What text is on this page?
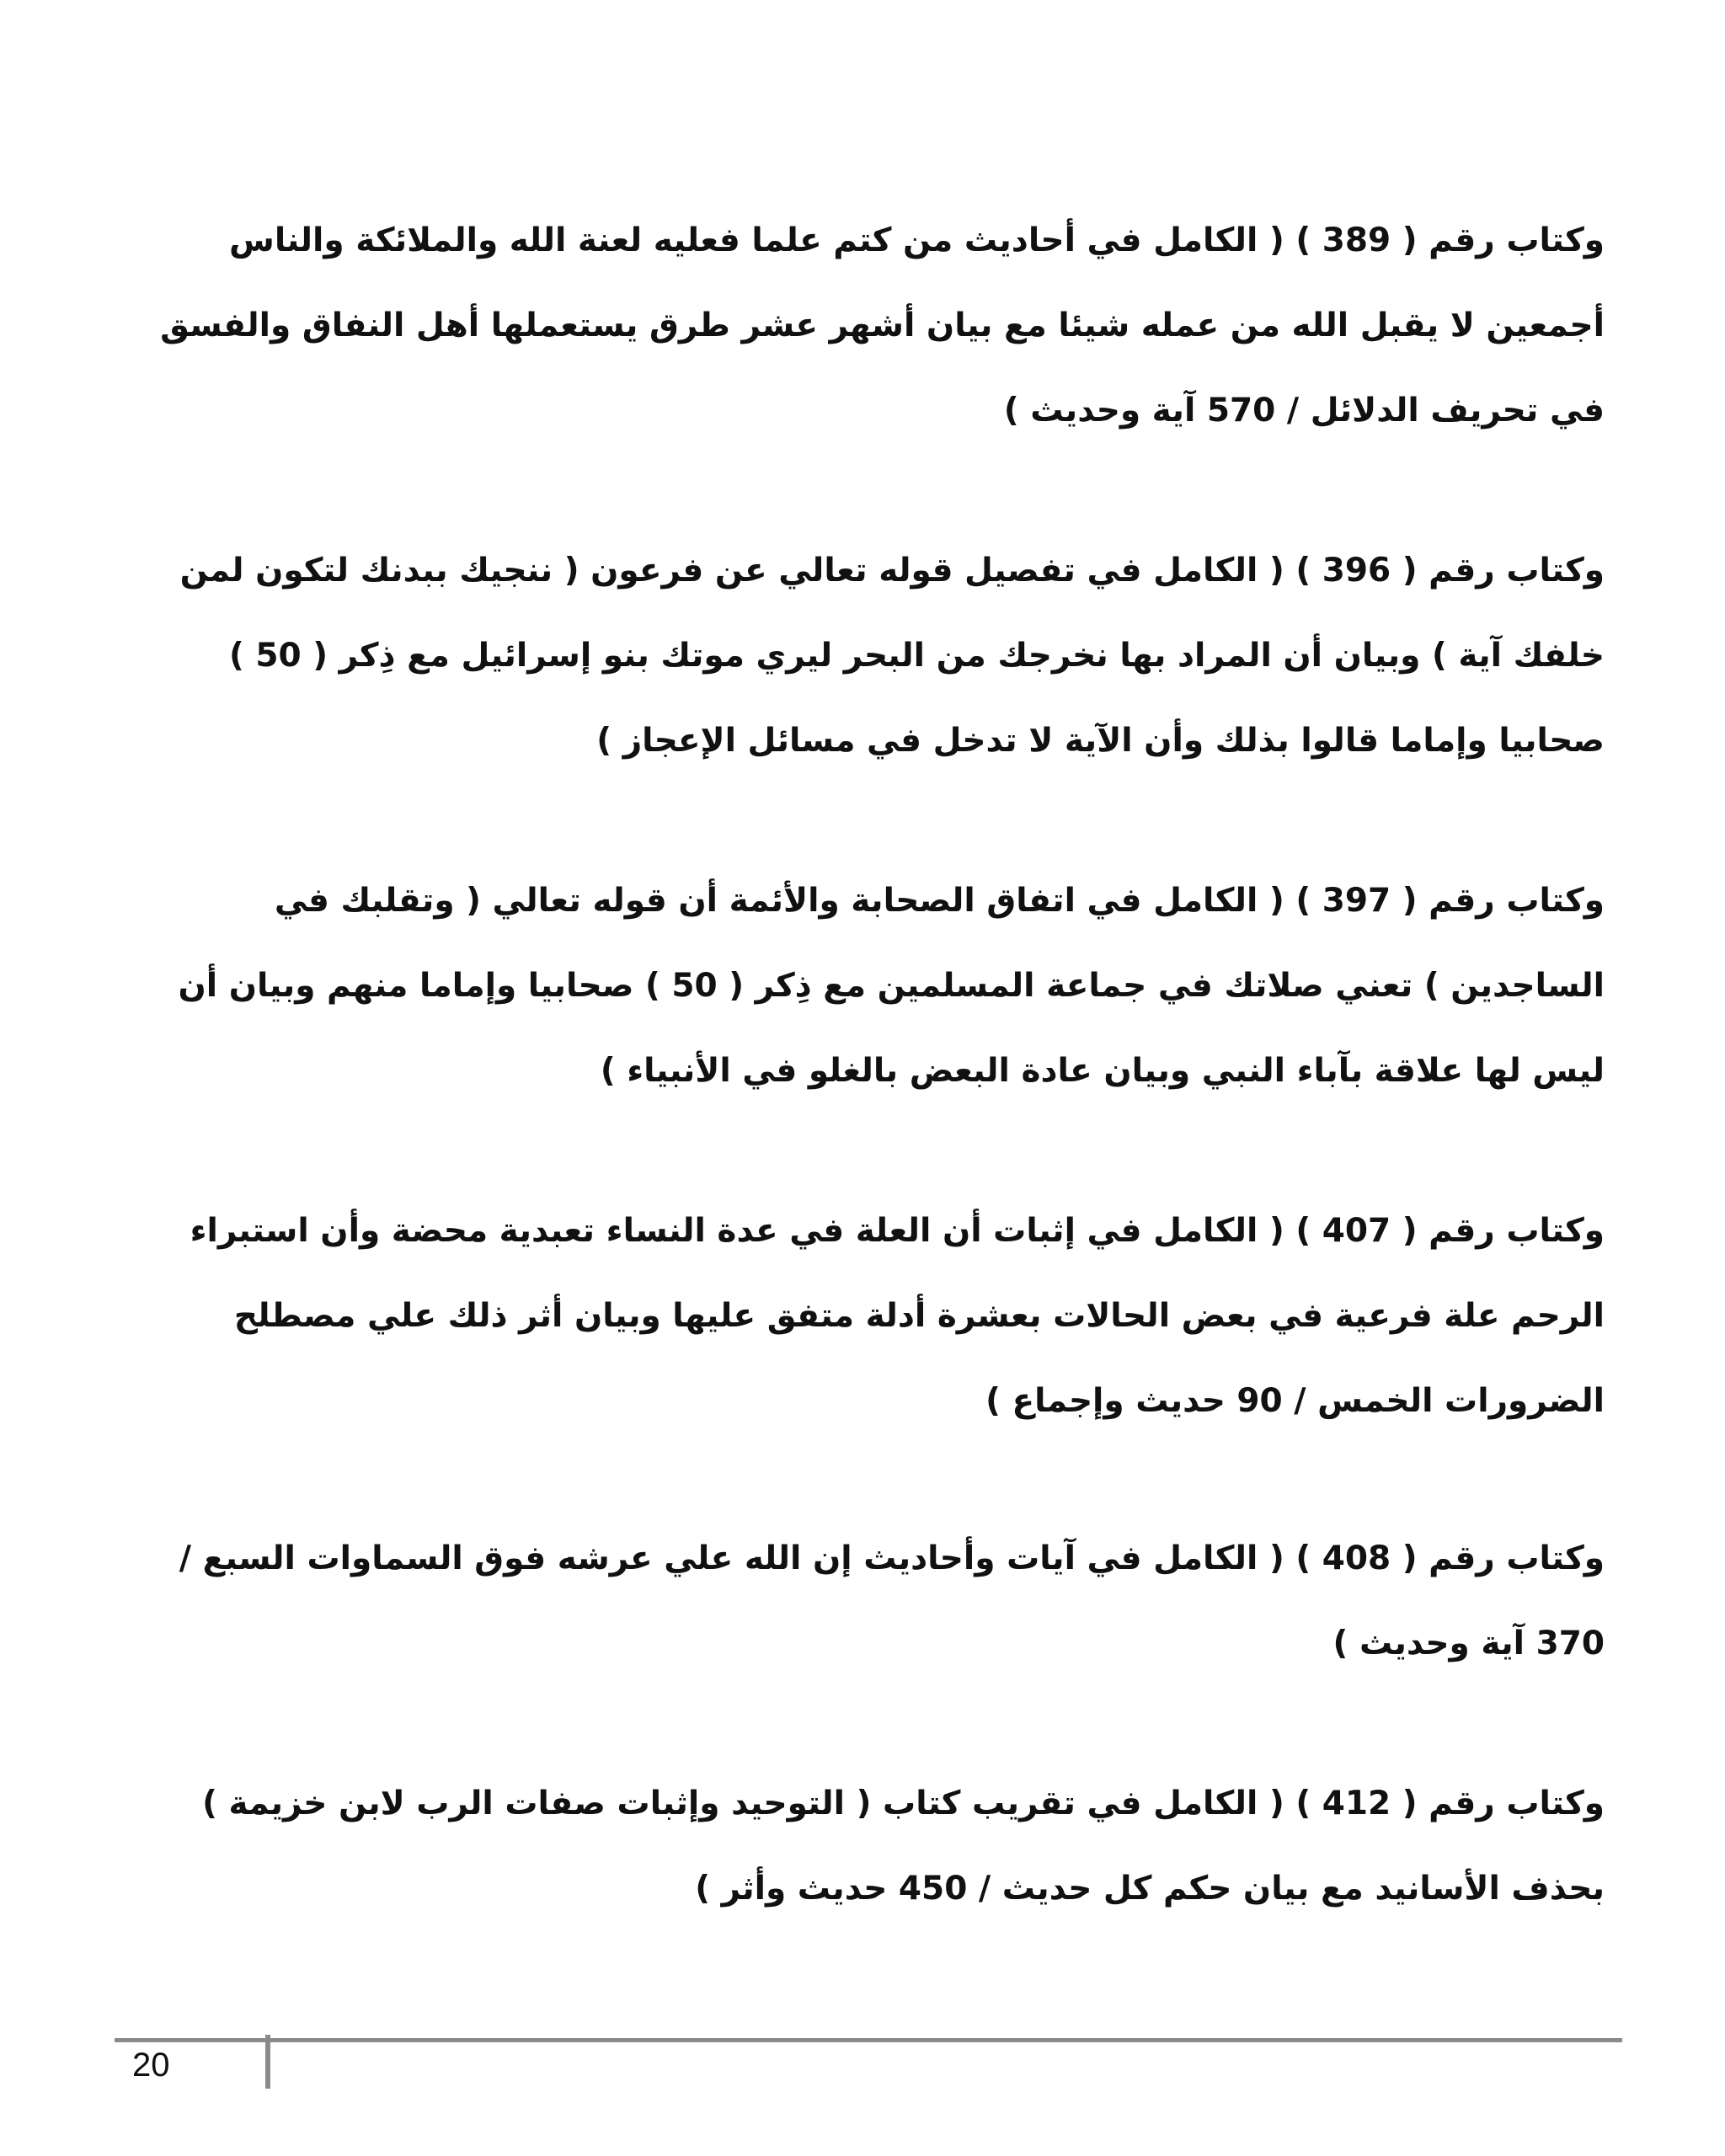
وكتاب رقم ( 389 ) ( الكامل في أحاديث من كتم علما فعليه لعنة الله والملائكة والناس أجمعين لا يقبل الله من عمله شيئا مع بيان أشهر عشر طرق يستعملها أهل النفاق والفسق في تحريف الدلائل / 570 آية وحديث )

وكتاب رقم ( 396 ) ( الكامل في تفصيل قوله تعالي عن فرعون ( ننجيك ببدنك لتكون لمن خلفك آية ) وبيان أن المراد بها نخرجك من البحر ليري موتك بنو إسرائيل مع ذِكر ( 50 ) صحابيا وإماما قالوا بذلك وأن الآية لا تدخل في مسائل الإعجاز )

وكتاب رقم ( 397 ) ( الكامل في اتفاق الصحابة والأئمة أن قوله تعالي ( وتقلبك في الساجدين ) تعني صلاتك في جماعة المسلمين مع ذِكر ( 50 ) صحابيا وإماما منهم وبيان أن ليس لها علاقة بآباء النبي وبيان عادة البعض بالغلو في الأنبياء )

وكتاب رقم ( 407 ) ( الكامل في إثبات أن العلة في عدة النساء تعبدية محضة وأن استبراء الرحم علة فرعية في بعض الحالات بعشرة أدلة متفق عليها وبيان أثر ذلك علي مصطلح الضرورات الخمس / 90 حديث وإجماع )

وكتاب رقم ( 408 ) ( الكامل في آيات وأحاديث إن الله علي عرشه فوق السماوات السبع / 370 آية وحديث )

وكتاب رقم ( 412 ) ( الكامل في تقريب كتاب ( التوحيد وإثبات صفات الرب لابن خزيمة ) بحذف الأسانيد مع بيان حكم كل حديث / 450 حديث وأثر )

20
